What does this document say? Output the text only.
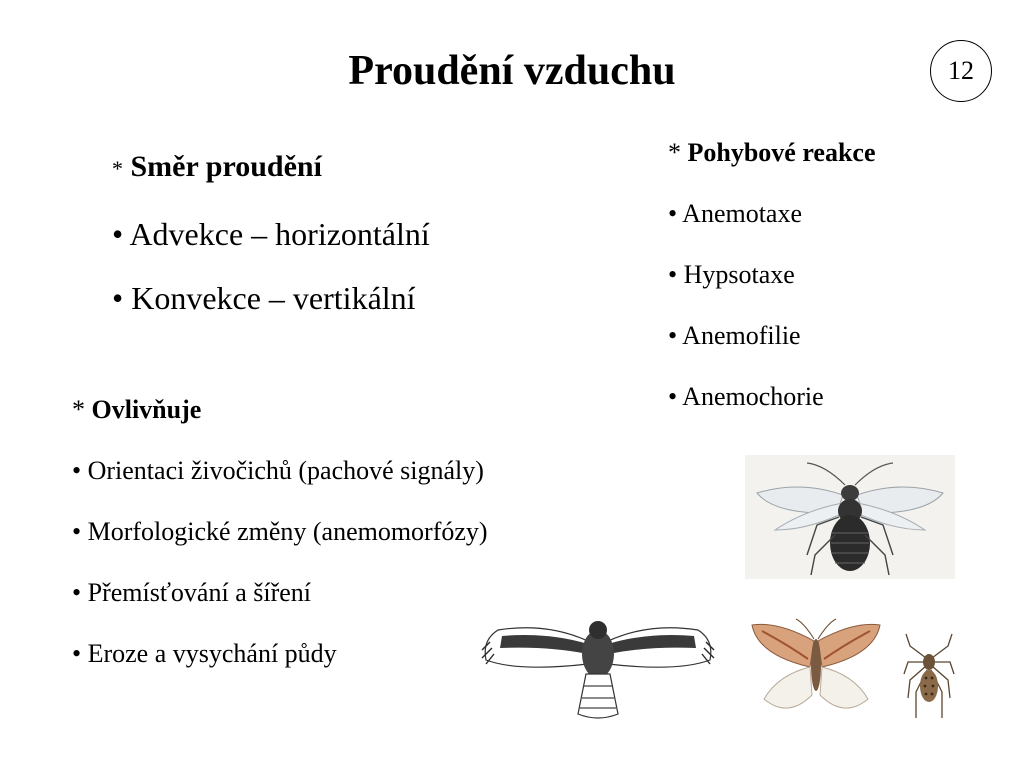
Proudění vzduchu	12
* Směr proudění
• Advekce – horizontální
• Konvekce – vertikální
* Pohybové reakce
• Anemotaxe
• Hypsotaxe
• Anemofilie
• Anemochorie
* Ovlivňuje
• Orientaci živočichů (pachové signály)
• Morfologické změny (anemomorfózy)
• Přemísťování a šíření
• Eroze a vysychání půdy
